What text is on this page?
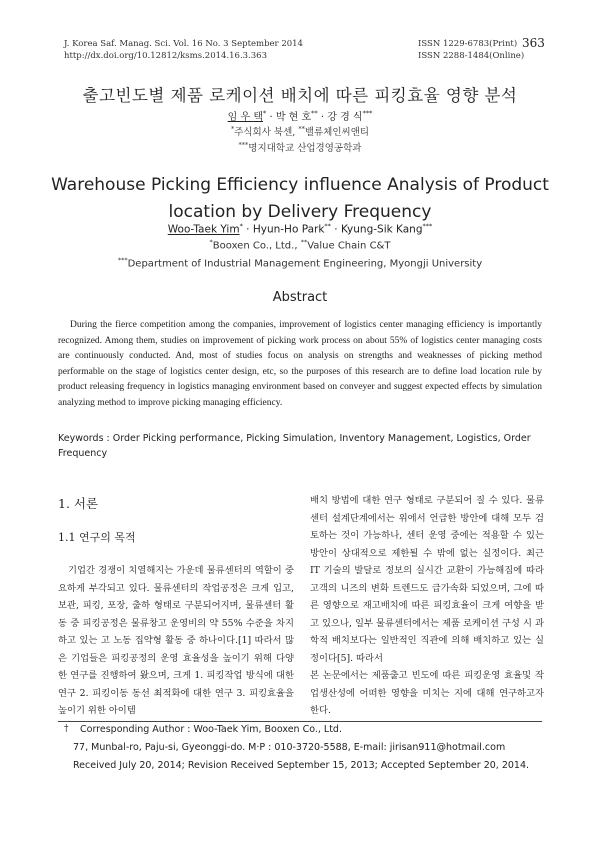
J. Korea Saf. Manag. Sci. Vol. 16 No. 3 September 2014
http://dx.doi.org/10.12812/ksms.2014.16.3.363
ISSN 1229-6783(Print)
ISSN 2288-1484(Online)
363
출고빈도별 제품 로케이션 배치에 따른 피킹효율 영향 분석
임 우 택* · 박 현 호** · 강 경 식***
*주식회사 북센, **밸류체인씨앤티
***명지대학교 산업경영공학과
Warehouse Picking Efficiency influence Analysis of Product
location by Delivery Frequency
Woo-Taek Yim* · Hyun-Ho Park** · Kyung-Sik Kang***
*Booxen Co., Ltd., **Value Chain C&T
***Department of Industrial Management Engineering, Myongji University
Abstract
During the fierce competition among the companies, improvement of logistics center managing efficiency is importantly recognized. Among them, studies on improvement of picking work process on about 55% of logistics center managing costs are continuously conducted. And, most of studies focus on analysis on strengths and weaknesses of picking method performable on the stage of logistics center design, etc, so the purposes of this research are to define load location rule by product releasing frequency in logistics managing environment based on conveyer and suggest expected effects by simulation analyzing method to improve picking managing efficiency.
Keywords : Order Picking performance, Picking Simulation, Inventory Management, Logistics, Order Frequency
1. 서론
1.1 연구의 목적
기업간 경쟁이 치열해지는 가운데 물류센터의 역할이 중요하게 부각되고 있다. 물류센터의 작업공정은 크게 입고, 보관, 피킹, 포장, 출하 형태로 구분되어지며, 물류센터 활동 중 피킹공정은 물류창고 운영비의 약 55% 수준을 차지하고 있는 고 노동 집약형 활동 중 하나이다.[1] 따라서 많은 기업들은 피킹공정의 운영 효율성을 높이기 위해 다양한 연구를 진행하여 왔으며, 크게 1. 피킹작업 방식에 대한 연구 2. 피킹이동 동선 최적화에 대한 연구 3. 피킹효율을 높이기 위한 아이템

배치 방법에 대한 연구 형태로 구분되어 질 수 있다. 물류센터 설계단계에서는 위에서 언급한 방안에 대해 모두 검토하는 것이 가능하나, 센터 운영 중에는 적용할 수 있는 방안이 상대적으로 제한될 수 밖에 없는 실정이다. 최근 IT 기술의 발달로 정보의 실시간 교환이 가능해짐에 따라 고객의 니즈의 변화 트렌드도 급가속화 되었으며, 그에 따른 영향으로 재고배치에 따른 피킹효율이 크게 여향을 받고 있으나, 일부 물류센터에서는 제품 로케이션 구성 시 과학적 배치보다는 일반적인 직관에 의해 배치하고 있는 실정이다[5]. 따라서

본 논문에서는 제품출고 빈도에 따른 피킹운영 효율및 작업생산성에 어떠한 영향을 미치는 지에 대해 연구하고자 한다.

† Corresponding Author : Woo-Taek Yim, Booxen Co., Ltd.
77, Munbal-ro, Paju-si, Gyeonggi-do. M·P : 010-3720-5588, E-mail: jirisan911@hotmail.com
Received July 20, 2014; Revision Received September 15, 2013; Accepted September 20, 2014.
